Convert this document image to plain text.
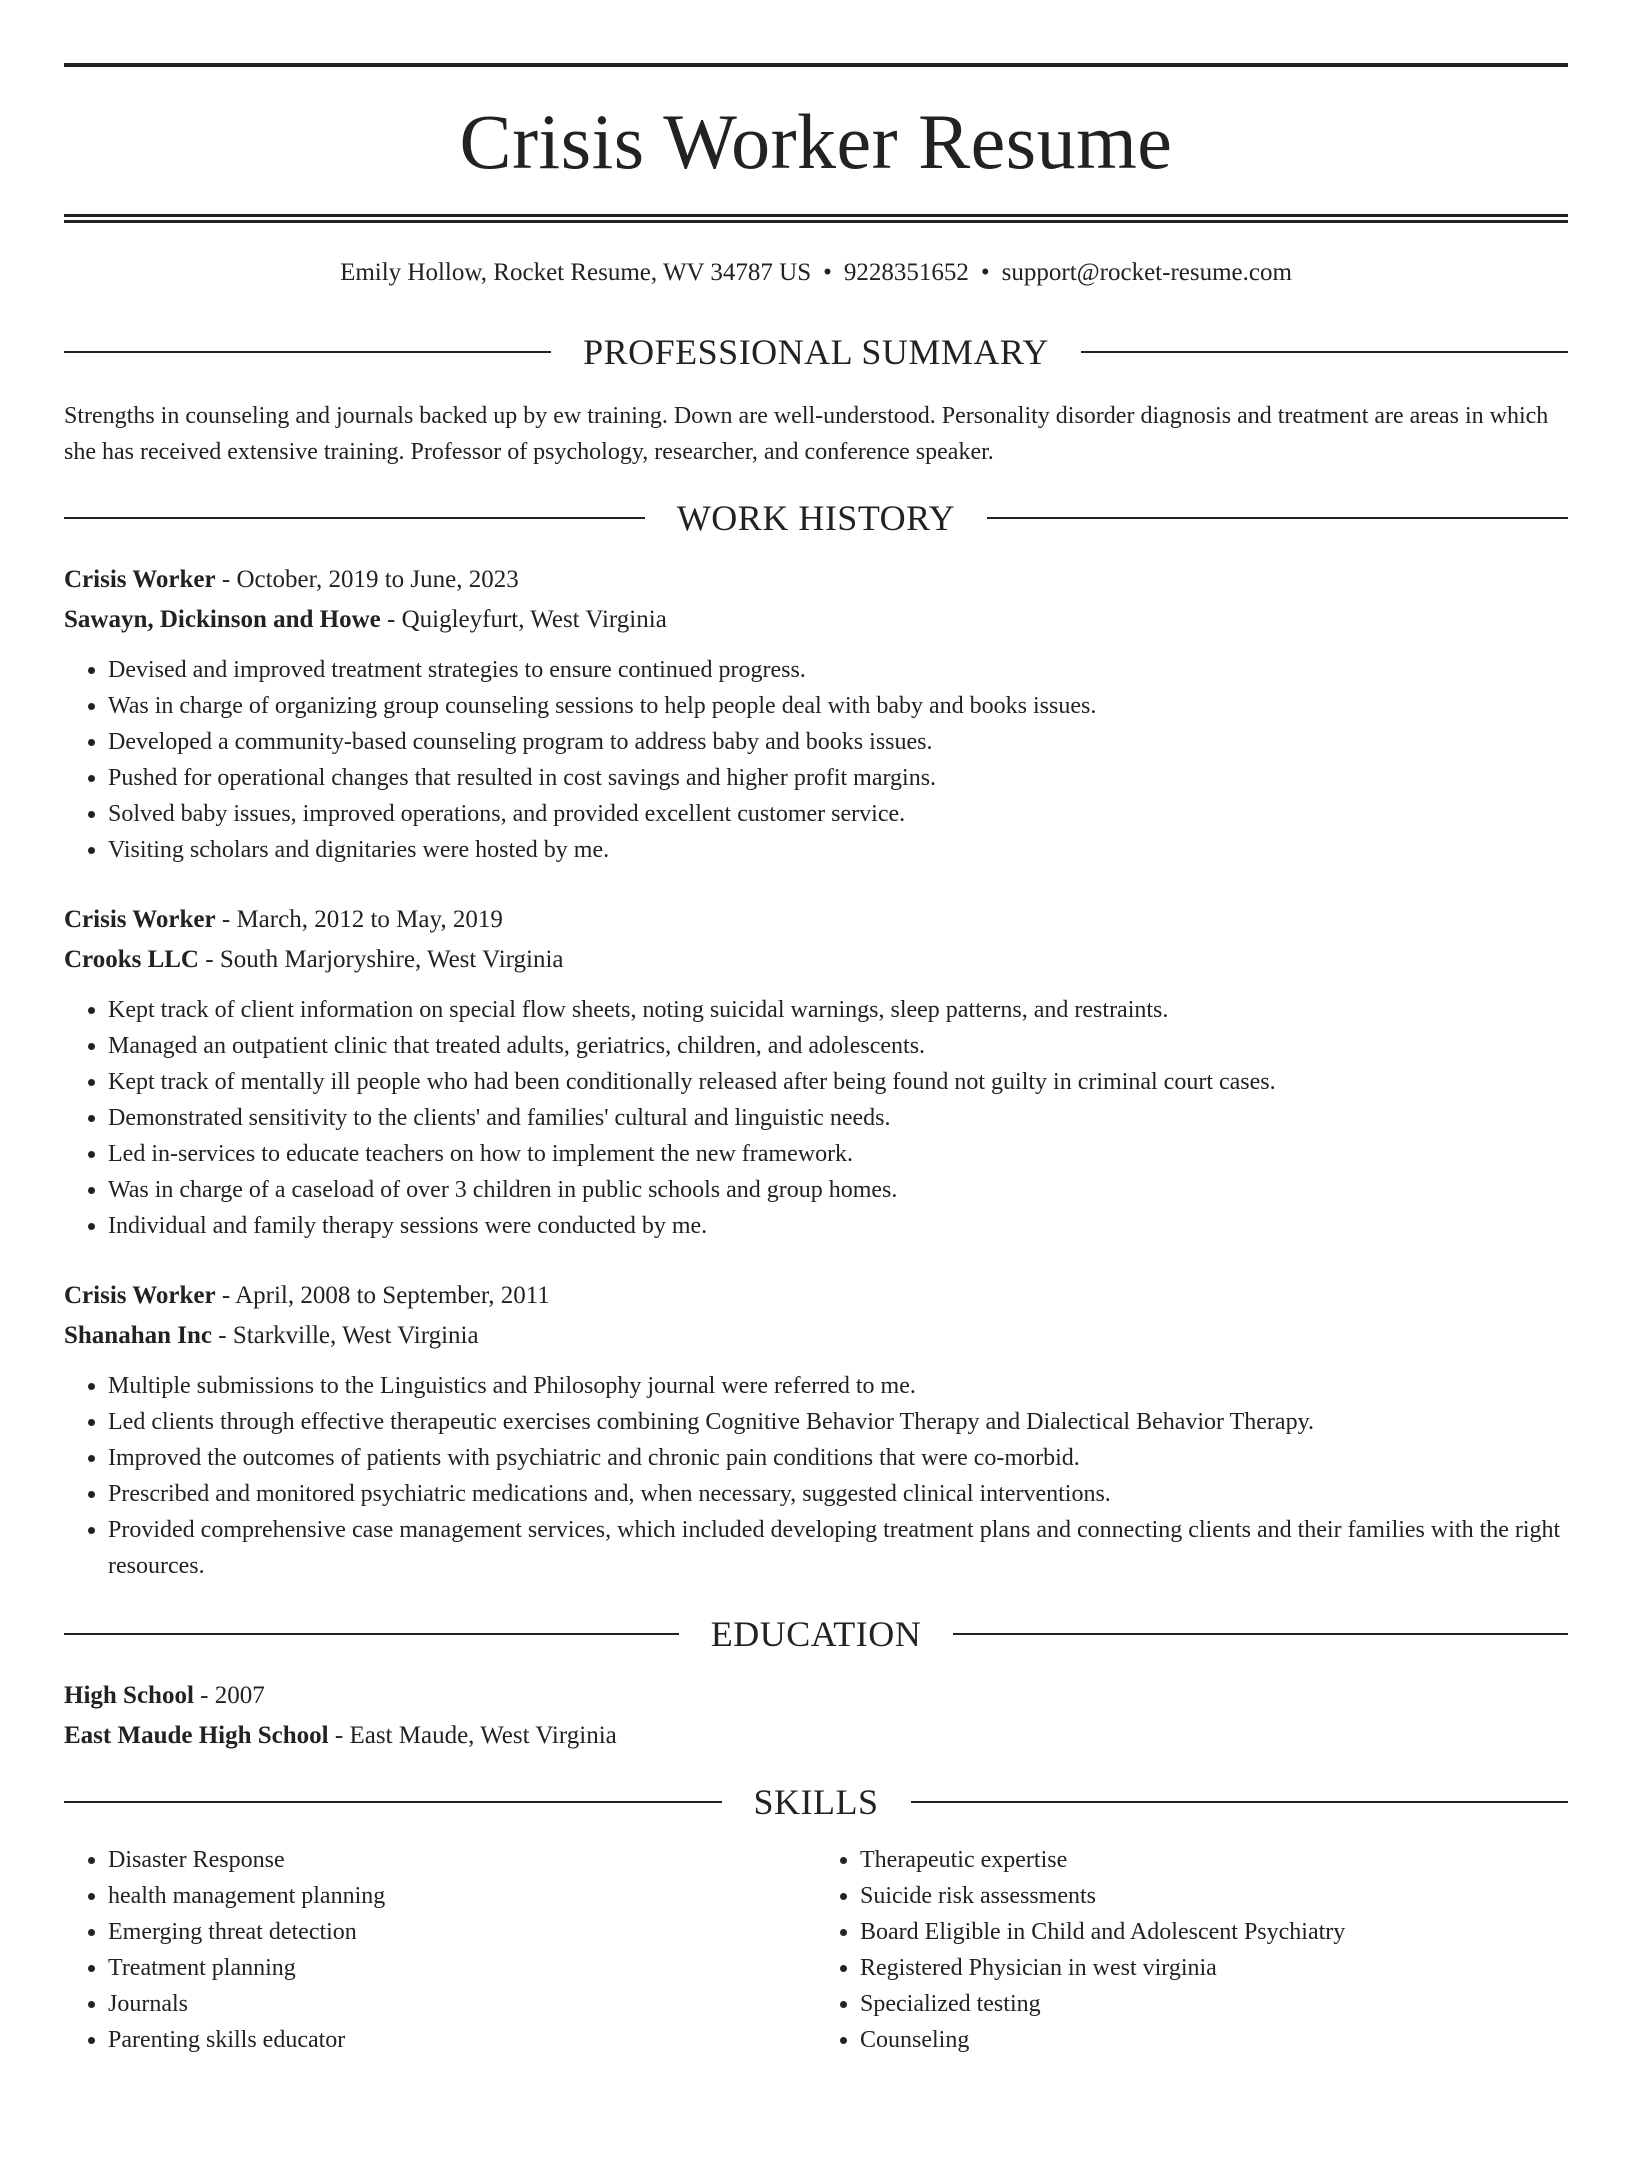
Crisis Worker Resume
Emily Hollow, Rocket Resume, WV 34787 US • 9228351652 • support@rocket-resume.com
PROFESSIONAL SUMMARY

Strengths in counseling and journals backed up by ew training. Down are well-understood. Personality disorder diagnosis and treatment are areas in which she has received extensive training. Professor of psychology, researcher, and conference speaker.

WORK HISTORY
Crisis Worker - October, 2019 to June, 2023
Sawayn, Dickinson and Howe - Quigleyfurt, West Virginia
• Devised and improved treatment strategies to ensure continued progress.
• Was in charge of organizing group counseling sessions to help people deal with baby and books issues.
• Developed a community-based counseling program to address baby and books issues.
• Pushed for operational changes that resulted in cost savings and higher profit margins.
• Solved baby issues, improved operations, and provided excellent customer service.
• Visiting scholars and dignitaries were hosted by me.
Crisis Worker - March, 2012 to May, 2019
Crooks LLC - South Marjoryshire, West Virginia
• Kept track of client information on special flow sheets, noting suicidal warnings, sleep patterns, and restraints.
• Managed an outpatient clinic that treated adults, geriatrics, children, and adolescents.
• Kept track of mentally ill people who had been conditionally released after being found not guilty in criminal court cases.
• Demonstrated sensitivity to the clients' and families' cultural and linguistic needs.
• Led in-services to educate teachers on how to implement the new framework.
• Was in charge of a caseload of over 3 children in public schools and group homes.
• Individual and family therapy sessions were conducted by me.
Crisis Worker - April, 2008 to September, 2011
Shanahan Inc - Starkville, West Virginia
• Multiple submissions to the Linguistics and Philosophy journal were referred to me.
• Led clients through effective therapeutic exercises combining Cognitive Behavior Therapy and Dialectical Behavior Therapy.
• Improved the outcomes of patients with psychiatric and chronic pain conditions that were co-morbid.
• Prescribed and monitored psychiatric medications and, when necessary, suggested clinical interventions.
• Provided comprehensive case management services, which included developing treatment plans and connecting clients and their families with the right resources.
EDUCATION
High School - 2007
East Maude High School - East Maude, West Virginia
SKILLS
• Disaster Response
• health management planning
• Emerging threat detection
• Treatment planning
• Journals
• Parenting skills educator
• Therapeutic expertise
• Suicide risk assessments
• Board Eligible in Child and Adolescent Psychiatry
• Registered Physician in west virginia
• Specialized testing
• Counseling
